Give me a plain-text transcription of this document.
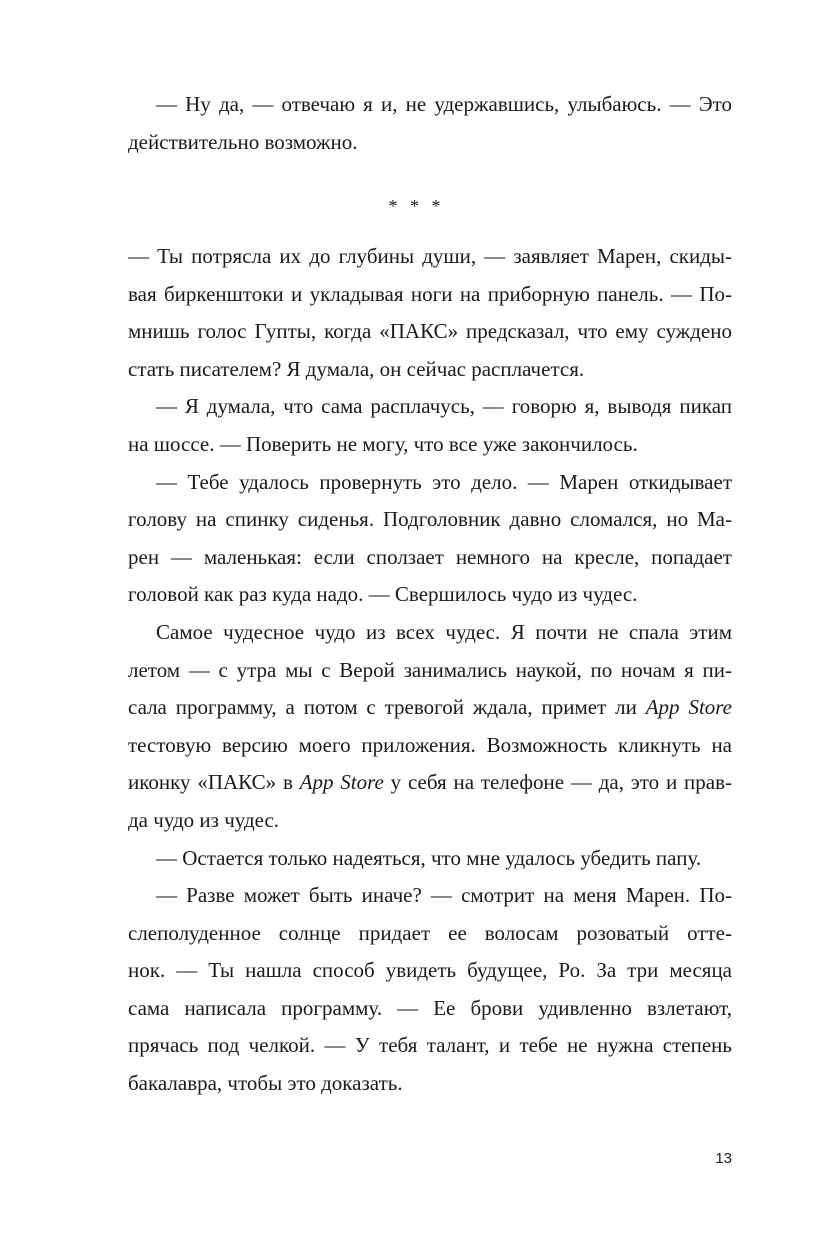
— Ну да, — отвечаю я и, не удержавшись, улыбаюсь. — Это
действительно возможно.
* * *
— Ты потрясла их до глубины души, — заявляет Марен, скиды-
вая биркенштоки и укладывая ноги на приборную панель. — По-
мнишь голос Гупты, когда «ПАКС» предсказал, что ему суждено
стать писателем? Я думала, он сейчас расплачется.
— Я думала, что сама расплачусь, — говорю я, выводя пикап
на шоссе. — Поверить не могу, что все уже закончилось.
— Тебе удалось провернуть это дело. — Марен откидывает
голову на спинку сиденья. Подголовник давно сломался, но Ма-
рен — маленькая: если сползает немного на кресле, попадает
головой как раз куда надо. — Свершилось чудо из чудес.
Самое чудесное чудо из всех чудес. Я почти не спала этим
летом — с утра мы с Верой занимались наукой, по ночам я пи-
сала программу, а потом с тревогой ждала, примет ли App Store
тестовую версию моего приложения. Возможность кликнуть на
иконку «ПАКС» в App Store у себя на телефоне — да, это и прав-
да чудо из чудес.
— Остается только надеяться, что мне удалось убедить папу.
— Разве может быть иначе? — смотрит на меня Марен. По-
слеполуденное солнце придает ее волосам розоватый отте-
нок. — Ты нашла способ увидеть будущее, Ро. За три месяца
сама написала программу. — Ее брови удивленно взлетают,
прячась под челкой. — У тебя талант, и тебе не нужна степень
бакалавра, чтобы это доказать.
13
